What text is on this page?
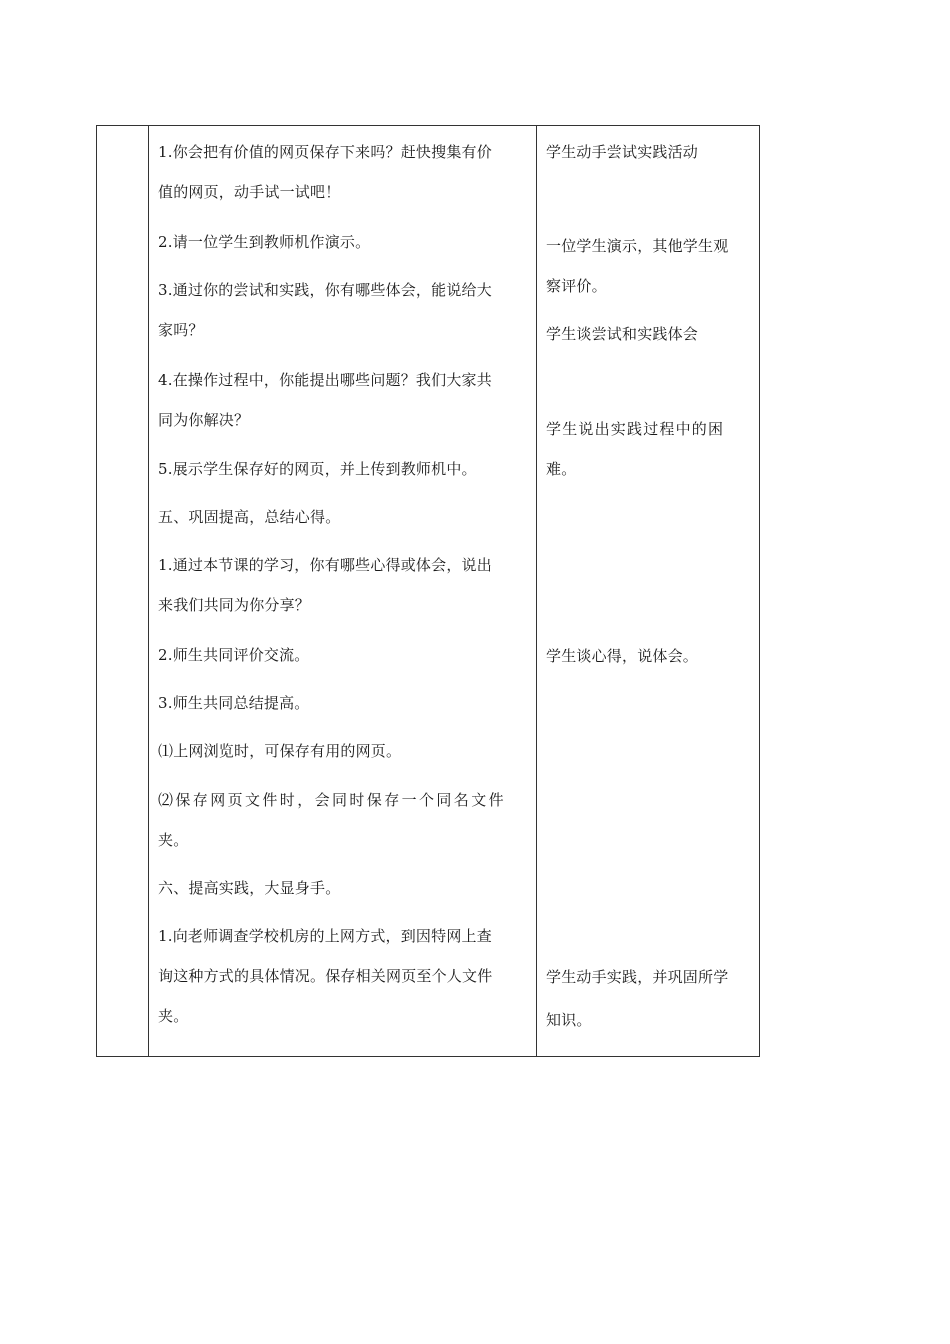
1.你会把有价值的网页保存下来吗？赶快搜集有价
值的网页，动手试一试吧！
2.请一位学生到教师机作演示。
3.通过你的尝试和实践，你有哪些体会，能说给大
家吗？
4.在操作过程中，你能提出哪些问题？我们大家共
同为你解决？
5.展示学生保存好的网页，并上传到教师机中。
五、巩固提高，总结心得。
1.通过本节课的学习，你有哪些心得或体会，说出
来我们共同为你分享？
2.师生共同评价交流。
3.师生共同总结提高。
⑴上网浏览时，可保存有用的网页。
⑵保存网页文件时，会同时保存一个同名文件
夹。
六、提高实践，大显身手。
1.向老师调查学校机房的上网方式，到因特网上查
询这种方式的具体情况。保存相关网页至个人文件
夹。
学生动手尝试实践活动
一位学生演示，其他学生观
察评价。
学生谈尝试和实践体会
学生说出实践过程中的困
难。
学生谈心得，说体会。
学生动手实践，并巩固所学
知识。
